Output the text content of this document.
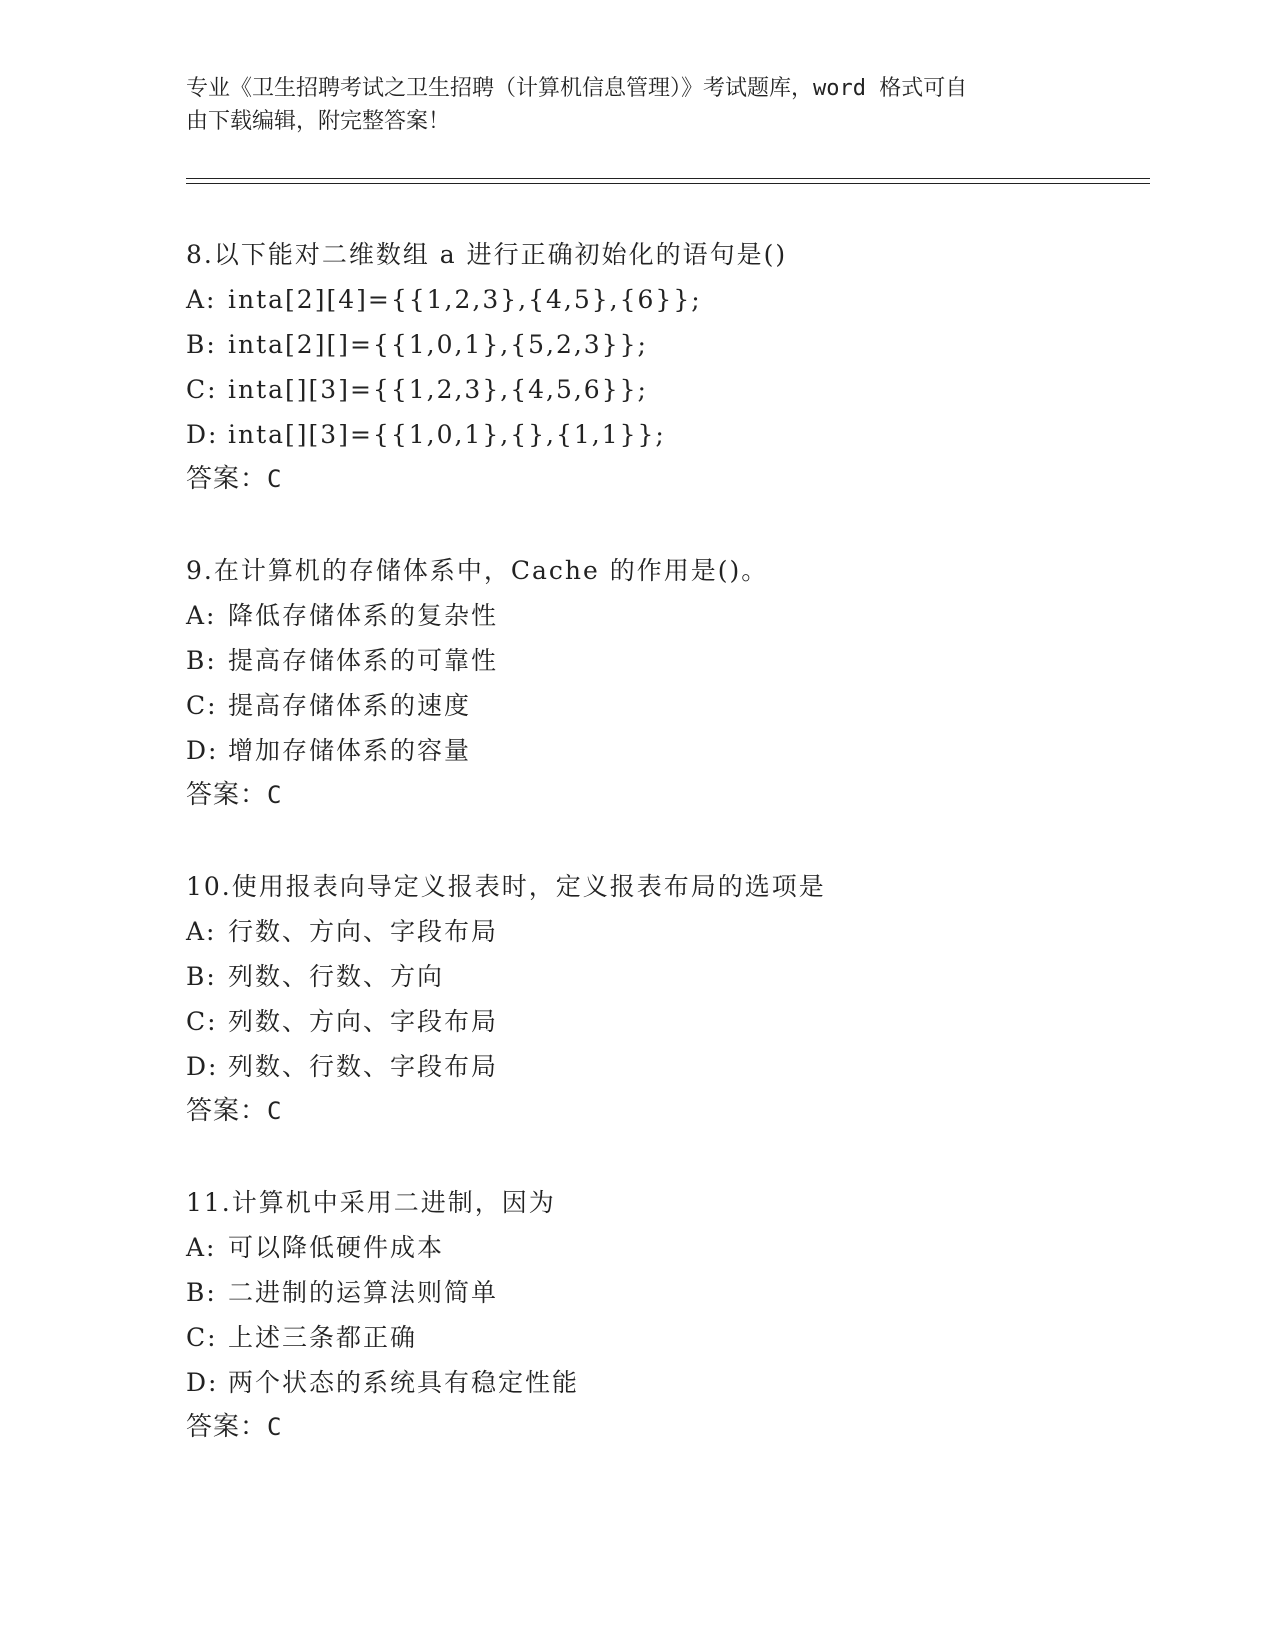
专业《卫生招聘考试之卫生招聘（计算机信息管理）》考试题库，word 格式可自
由下载编辑，附完整答案！
8.以下能对二维数组 a 进行正确初始化的语句是()
A: inta[2][4]={{1,2,3},{4,5},{6}};
B: inta[2][]={{1,0,1},{5,2,3}};
C: inta[][3]={{1,2,3},{4,5,6}};
D: inta[][3]={{1,0,1},{},{1,1}};
答案：C
9.在计算机的存储体系中，Cache 的作用是()。
A: 降低存储体系的复杂性
B: 提高存储体系的可靠性
C: 提高存储体系的速度
D: 增加存储体系的容量
答案：C
10.使用报表向导定义报表时，定义报表布局的选项是
A: 行数、方向、字段布局
B: 列数、行数、方向
C: 列数、方向、字段布局
D: 列数、行数、字段布局
答案：C
11.计算机中采用二进制，因为
A: 可以降低硬件成本
B: 二进制的运算法则简单
C: 上述三条都正确
D: 两个状态的系统具有稳定性能
答案：C
